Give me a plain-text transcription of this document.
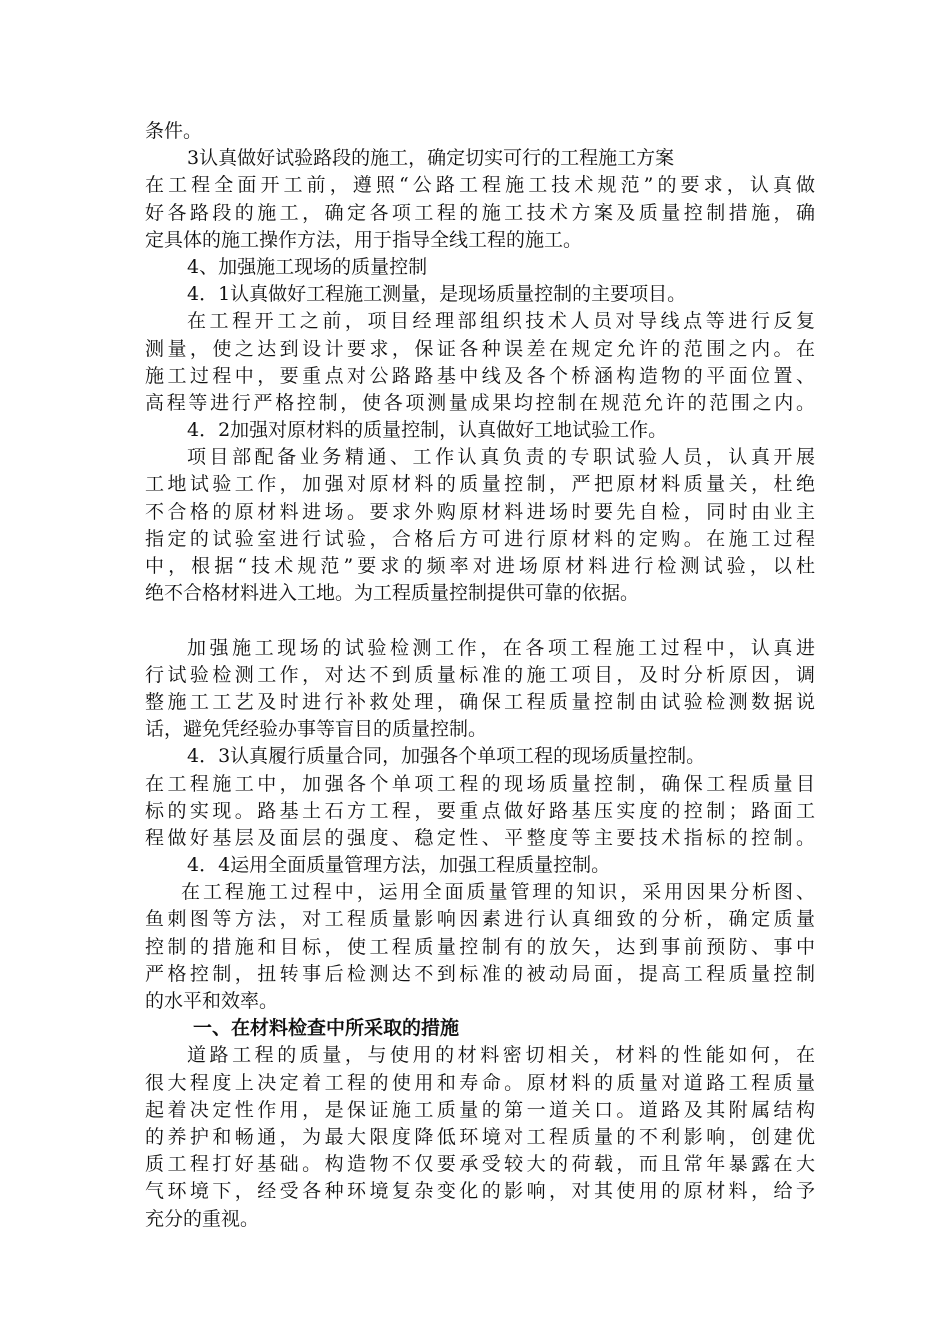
条件。
3认真做好试验路段的施工，确定切实可行的工程施工方案
在工程全面开工前，遵照“公路工程施工技术规范”的要求，认真做
好各路段的施工，确定各项工程的施工技术方案及质量控制措施，确
定具体的施工操作方法，用于指导全线工程的施工。
4、加强施工现场的质量控制
4．1认真做好工程施工测量，是现场质量控制的主要项目。
在工程开工之前，项目经理部组织技术人员对导线点等进行反复
测量，使之达到设计要求，保证各种误差在规定允许的范围之内。在
施工过程中，要重点对公路路基中线及各个桥涵构造物的平面位置、
高程等进行严格控制，使各项测量成果均控制在规范允许的范围之内。
4．2加强对原材料的质量控制，认真做好工地试验工作。
项目部配备业务精通、工作认真负责的专职试验人员，认真开展
工地试验工作，加强对原材料的质量控制，严把原材料质量关，杜绝
不合格的原材料进场。要求外购原材料进场时要先自检，同时由业主
指定的试验室进行试验，合格后方可进行原材料的定购。在施工过程
中，根据“技术规范”要求的频率对进场原材料进行检测试验，以杜
绝不合格材料进入工地。为工程质量控制提供可靠的依据。
加强施工现场的试验检测工作，在各项工程施工过程中，认真进
行试验检测工作，对达不到质量标准的施工项目，及时分析原因，调
整施工工艺及时进行补救处理，确保工程质量控制由试验检测数据说
话，避免凭经验办事等盲目的质量控制。
4．3认真履行质量合同，加强各个单项工程的现场质量控制。
在工程施工中，加强各个单项工程的现场质量控制，确保工程质量目
标的实现。路基土石方工程，要重点做好路基压实度的控制；路面工
程做好基层及面层的强度、稳定性、平整度等主要技术指标的控制。
4．4运用全面质量管理方法，加强工程质量控制。
在工程施工过程中，运用全面质量管理的知识，采用因果分析图、
鱼刺图等方法，对工程质量影响因素进行认真细致的分析，确定质量
控制的措施和目标，使工程质量控制有的放矢，达到事前预防、事中
严格控制，扭转事后检测达不到标准的被动局面，提高工程质量控制
的水平和效率。
一、在材料检查中所采取的措施
道路工程的质量，与使用的材料密切相关，材料的性能如何，在
很大程度上决定着工程的使用和寿命。原材料的质量对道路工程质量
起着决定性作用，是保证施工质量的第一道关口。道路及其附属结构
的养护和畅通，为最大限度降低环境对工程质量的不利影响，创建优
质工程打好基础。构造物不仅要承受较大的荷载，而且常年暴露在大
气环境下，经受各种环境复杂变化的影响，对其使用的原材料，给予
充分的重视。
